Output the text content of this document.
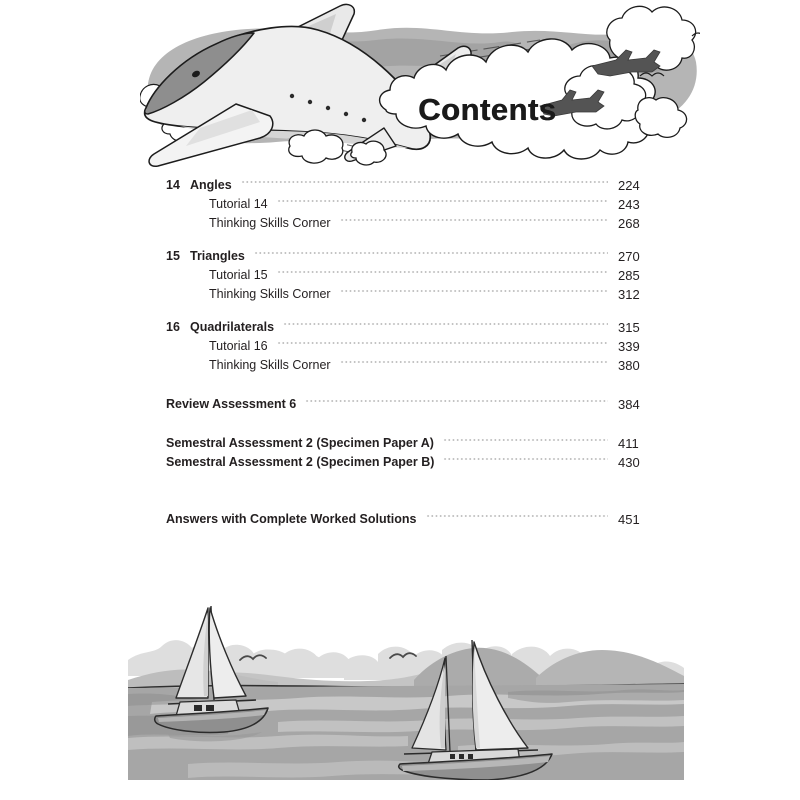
Contents
14 Angles	224
Tutorial 14	243
Thinking Skills Corner	268
15 Triangles	270
Tutorial 15	285
Thinking Skills Corner	312
16 Quadrilaterals	315
Tutorial 16	339
Thinking Skills Corner	380
Review Assessment 6	384
Semestral Assessment 2 (Specimen Paper A)	411
Semestral Assessment 2 (Specimen Paper B)	430
Answers with Complete Worked Solutions	451
